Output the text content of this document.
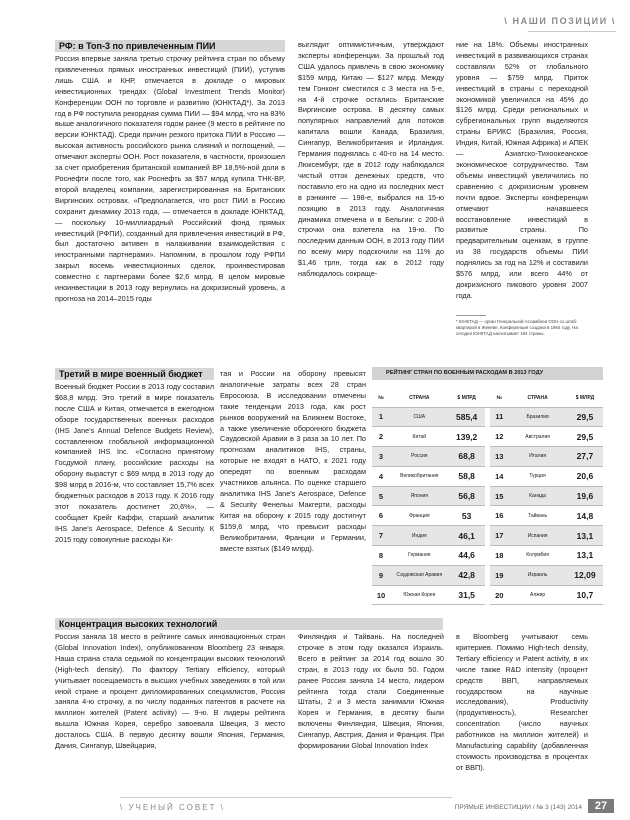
\ НАШИ ПОЗИЦИИ \
РФ: в Топ-3 по привлеченным ПИИ

Россия впервые заняла третью строчку рейтинга стран по объему привлеченных прямых иностранных инвестиций (ПИИ), уступив лишь США и КНР, отмечается в докладе о мировых инвестиционных трендах (Global Investment Trends Monitor) Конференции ООН по торговле и развитию (ЮНКТАД*). За 2013 год в РФ поступила рекордная сумма ПИИ — $94 млрд, что на 83% выше аналогичного показателя годом ранее (9 место в рейтинге по версии ЮНКТАД). Среди причин резкого притока ПИИ в Россию — высокая активность российского рынка слияний и поглощений, — отмечают эксперты ООН. Рост показателя, в частности, произошел за счет приобретения британской компанией BP 18,5%-ной доли в Роснефти после того, как Роснефть за $57 млрд купила ТНК-BP, второй владелец компании, зарегистрированная на Британских Виргинских островах. «Предполагается, что рост ПИИ в Россию сохранит динамику 2013 года, — отмечается в докладе ЮНКТАД, — поскольку 10-миллиардный Российский фонд прямых инвестиций (РФПИ), созданный для привлечения инвестиций в РФ, был достаточно активен в налаживании взаимодействия с иностранными партнерами». Напомним, в прошлом году РФПИ закрыл восемь инвестиционных сделок, проинвестировав совместно с партнерами более $2,6 млрд. В целом мировые иноинвестиции в 2013 году вернулись на докризисный уровень, а прогноза на 2014–2015 годы

выглядит оптимистичным, утверждают эксперты конференции. За прошлый год США удалось привлечь в свою экономику $159 млрд, Китаю — $127 млрд. Между тем Гонконг сместился с 3 места на 5-е, на 4-й строчке остались Британские Виргинские острова. В десятку самых популярных направлений для потоков капитала вошли Канада, Бразилия, Сингапур, Великобритания и Ирландия. Германия поднялась с 40-го на 14 место. Люксембург, где в 2012 году наблюдался чистый отток денежных средств, что поставило его на одно из последних мест в рэнкинге — 198-е, выбрался на 15-ю позицию в 2013 году. Аналогичная динамика отмечена и в Бельгии: с 200-й строчки она взлетела на 19-ю. По последним данным ООН, в 2013 году ПИИ по всему миру подскочили на 11% до $1,46 трлн, тогда как в 2012 году наблюдалось сокраще-

ние на 18%. Объемы иностранных инвестиций в развивающихся странах составляли 52% от глобального уровня — $759 млрд. Приток инвестиций в страны с переходной экономикой увеличился на 45% до $126 млрд. Среди региональных и субрегиональных групп выделяются страны БРИКС (Бразилия, Россия, Индия, Китай, Южная Африка) и АПЕК — Азиатско-Тихоокеанское экономическое сотрудничество. Там объемы инвестиций увеличились по сравнению с докризисным уровнем почти вдвое. Эксперты конференции отмечают начавшееся восстановление инвестиций в развитые страны. По предварительным оценкам, в группе из 38 государств объемы ПИИ поднялись за год на 12% и составили $576 млрд, или всего 44% от докризисного пикового уровня 2007 года.

* ЮНКТАД — орган Генеральной Ассамблеи ООН со штаб-квартирой в Женеве. Конференция создана в 1964 году. На сегодня ЮНКТАД насчитывает 194 страны.
Третий в мире военный бюджет

Военный бюджет России в 2013 году составил $68,8 млрд. Это третий в мире показатель после США и Китая, отмечается в ежегодном обзоре государственных военных расходов (IHS Jane's Annual Defence Budgets Review), составленном глобальной информационной компанией IHS Inc. «Согласно принятому Госдумой плану, российские расходы на оборону вырастут с $69 млрд в 2013 году до $98 млрд в 2016-м, что составляет 15,7% всех бюджетных расходов в 2013 году. К 2016 году этот показатель достигнет 20,6%», — сообщает Крейг Каффи, старший аналитик IHS Jane's Aerospace, Defence & Security. К 2015 году совокупные расходы Ки-

тая и России на оборону превысят аналогичные затраты всех 28 стран Евросоюза. В исследовании отмечены такие тенденции 2013 года, как рост рынков вооружений на Ближнем Востоке, а также увеличение оборонного бюджета Саудовской Аравии в 3 раза за 10 лет. По прогнозам аналитиков IHS, страны, которые не входят в НАТО, к 2021 году опередят по военным расходам участников альянса. По оценке старшего аналитика IHS Jane's Aerospace, Defence & Security Фенельы Макгерти, расходы Китая на оборону к 2015 году достигнут $159,6 млрд, что превысит расходы Великобритании, Франции и Германии, вместе взятых ($149 млрд).

РЕЙТИНГ СТРАН ПО ВОЕННЫМ РАСХОДАМ В 2013 ГОДУ
№	СТРАНА	$ МЛРД		№	СТРАНА	$ МЛРД
1	США	585,4		11	Бразилия	29,5
2	Китай	139,2		12	Австралия	29,5
3	Россия	68,8		13	Италия	27,7
4	Великобритания	58,8		14	Турция	20,6
5	Япония	56,8		15	Канада	19,6
6	Франция	53		16	Тайвань	14,8
7	Индия	46,1		17	Испания	13,1
8	Германия	44,6		18	Колумбия	13,1
9	Саудовская Аравия	42,8		19	Израиль	12,09
10	Южная Корея	31,5		20	Алжир	10,7
Концентрация высоких технологий

Россия заняла 18 место в рейтинге самых инновационных стран (Global Innovation Index), опубликованном Bloomberg 23 января. Наша страна стала седьмой по концентрации высоких технологий (High-tech density). По фактору Tertiary efficiency, который учитывает посещаемость в высших учебных заведениях в той или иной стране и процент дипломированных специалистов, Россия заняла 4-ю строчку, а по числу поданных патентов в расчете на миллион жителей (Patent activity) — 9-ю. В лидеры рейтинга вышла Южная Корея, серебро завоевала Швеция, 3 место досталось США. В первую десятку вошли Япония, Германия, Дания, Сингапур, Швейцария,

Финляндия и Тайвань. На последней строчке в этом году оказался Израиль. Всего в рейтинг за 2014 год вошло 30 стран, в 2013 году их было 50. Годом ранее Россия заняла 14 место, лидером рейтинга тогда стали Соединенные Штаты, 2 и 3 места занимали Южная Корея и Германия, в десятку были включены Финляндия, Швеция, Япония, Сингапур, Австрия, Дания и Франция. При формировании Global Innovation Index

в Bloomberg учитывают семь критериев. Помимо High-tech density, Tertiary efficiency и Patent activity, в их числе также R&D intensity (процент средств ВВП, направляемых государством на научные исследования), Productivity (продуктивность), Researcher concentration (число научных работников на миллион жителей) и Manufacturing capability (добавленная стоимость производства в процентах от ВВП).

\ УЧЕНЫЙ СОВЕТ \	ПРЯМЫЕ ИНВЕСТИЦИИ / № 3 (143) 2014	27
